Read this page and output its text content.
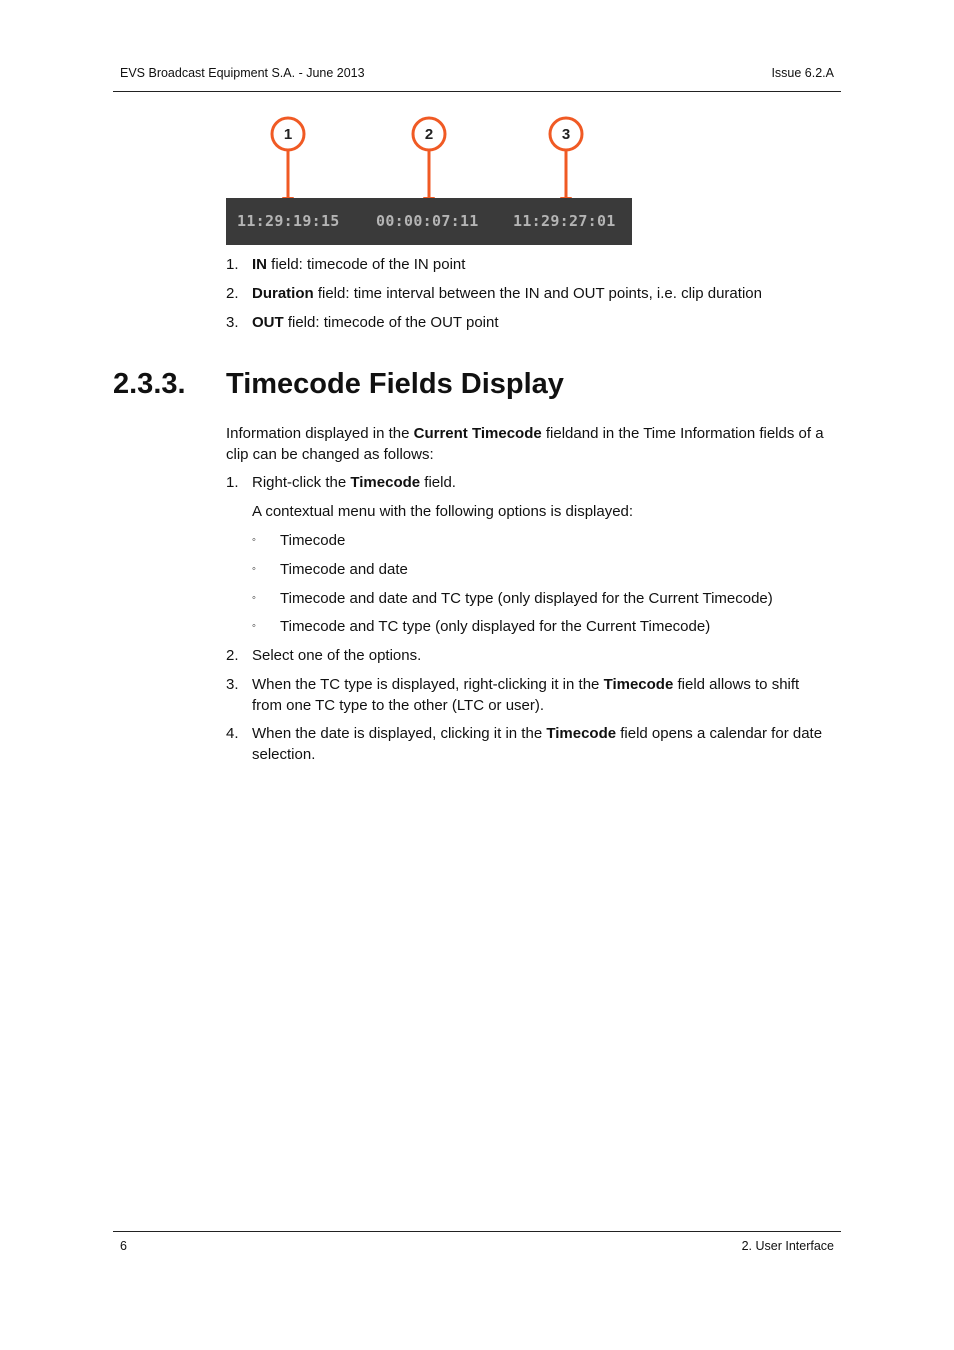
EVS Broadcast Equipment S.A. - June 2013	Issue 6.2.A
1	2	3
11:29:19:15 00:00:07:11 11:29:27:01
1. IN field: timecode of the IN point
2. Duration field: time interval between the IN and OUT points, i.e. clip duration
3. OUT field: timecode of the OUT point
2.3.3. Timecode Fields Display
Information displayed in the Current Timecode fieldand in the Time Information fields of a clip can be changed as follows:
1. Right-click the Timecode field.
A contextual menu with the following options is displayed:
◦ Timecode
◦ Timecode and date
◦ Timecode and date and TC type (only displayed for the Current Timecode)
◦ Timecode and TC type (only displayed for the Current Timecode)
2. Select one of the options.
3. When the TC type is displayed, right-clicking it in the Timecode field allows to shift
from one TC type to the other (LTC or user).
4. When the date is displayed, clicking it in the Timecode field opens a calendar for date
selection.
6	2. User Interface
